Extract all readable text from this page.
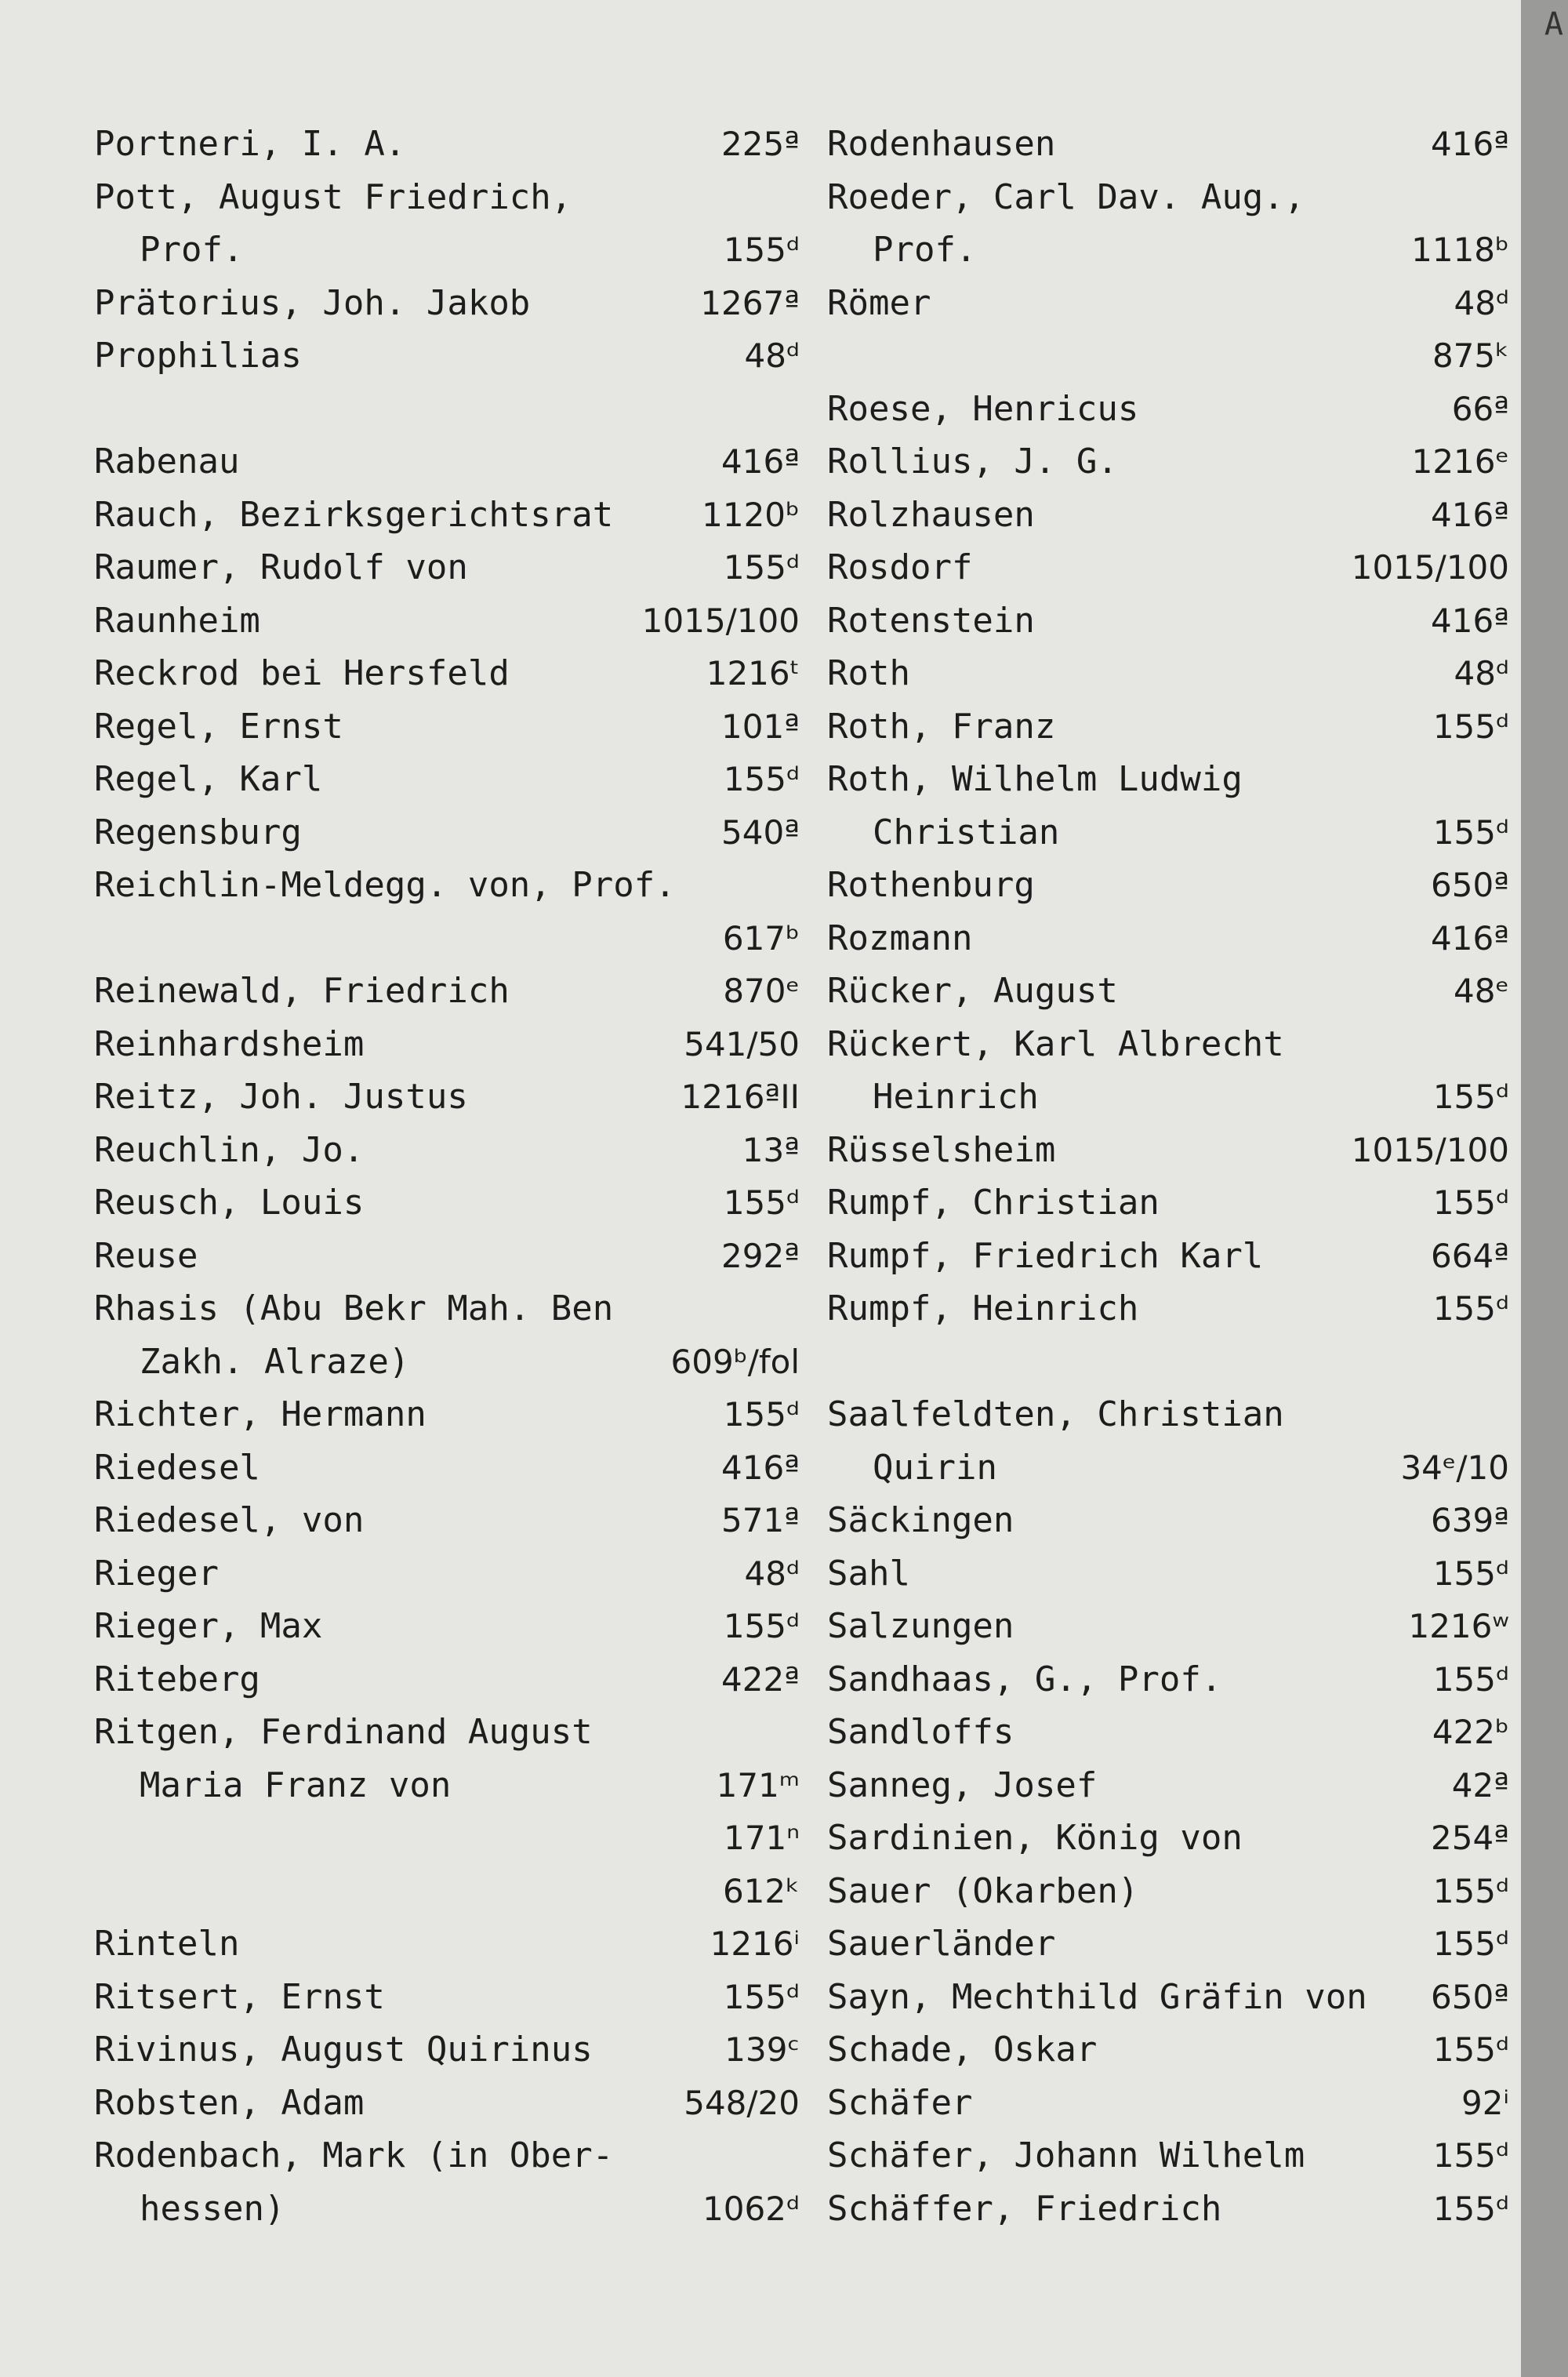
Portneri, I. A.	225ª
Pott, August Friedrich,
Prof.	155ᵈ
Prätorius, Joh. Jakob	1267ª
Prophilias	48ᵈ
Rabenau	416ª
Rauch, Bezirksgerichtsrat	1120ᵇ
Raumer, Rudolf von	155ᵈ
Raunheim	1015/100
Reckrod bei Hersfeld	1216ᵗ
Regel, Ernst	101ª
Regel, Karl	155ᵈ
Regensburg	540ª
Reichlin-Meldegg. von, Prof.
617ᵇ
Reinewald, Friedrich	870ᵉ
Reinhardsheim	541/50
Reitz, Joh. Justus	1216ªII
Reuchlin, Jo.	13ª
Reusch, Louis	155ᵈ
Reuse	292ª
Rhasis (Abu Bekr Mah. Ben
Zakh. Alraze)	609ᵇ/fol
Richter, Hermann	155ᵈ
Riedesel	416ª
Riedesel, von	571ª
Rieger	48ᵈ
Rieger, Max	155ᵈ
Riteberg	422ª
Ritgen, Ferdinand August
Maria Franz von	171ᵐ
171ⁿ
612ᵏ
Rinteln	1216ⁱ
Ritsert, Ernst	155ᵈ
Rivinus, August Quirinus	139ᶜ
Robsten, Adam	548/20
Rodenbach, Mark (in Ober-
hessen)	1062ᵈ
Rodenhausen	416ª
Roeder, Carl Dav. Aug.,
Prof.	1118ᵇ
Römer	48ᵈ
875ᵏ
Roese, Henricus	66ª
Rollius, J. G.	1216ᵉ
Rolzhausen	416ª
Rosdorf	1015/100
Rotenstein	416ª
Roth	48ᵈ
Roth, Franz	155ᵈ
Roth, Wilhelm Ludwig
Christian	155ᵈ
Rothenburg	650ª
Rozmann	416ª
Rücker, August	48ᵉ
Rückert, Karl Albrecht
Heinrich	155ᵈ
Rüsselsheim	1015/100
Rumpf, Christian	155ᵈ
Rumpf, Friedrich Karl	664ª
Rumpf, Heinrich	155ᵈ
Saalfeldten, Christian
Quirin	34ᵉ/10
Säckingen	639ª
Sahl	155ᵈ
Salzungen	1216ʷ
Sandhaas, G., Prof.	155ᵈ
Sandloffs	422ᵇ
Sanneg, Josef	42ª
Sardinien, König von	254ª
Sauer (Okarben)	155ᵈ
Sauerländer	155ᵈ
Sayn, Mechthild Gräfin von 650ª
Schade, Oskar	155ᵈ
Schäfer	92ⁱ
Schäfer, Johann Wilhelm	155ᵈ
Schäffer, Friedrich	155ᵈ
A
